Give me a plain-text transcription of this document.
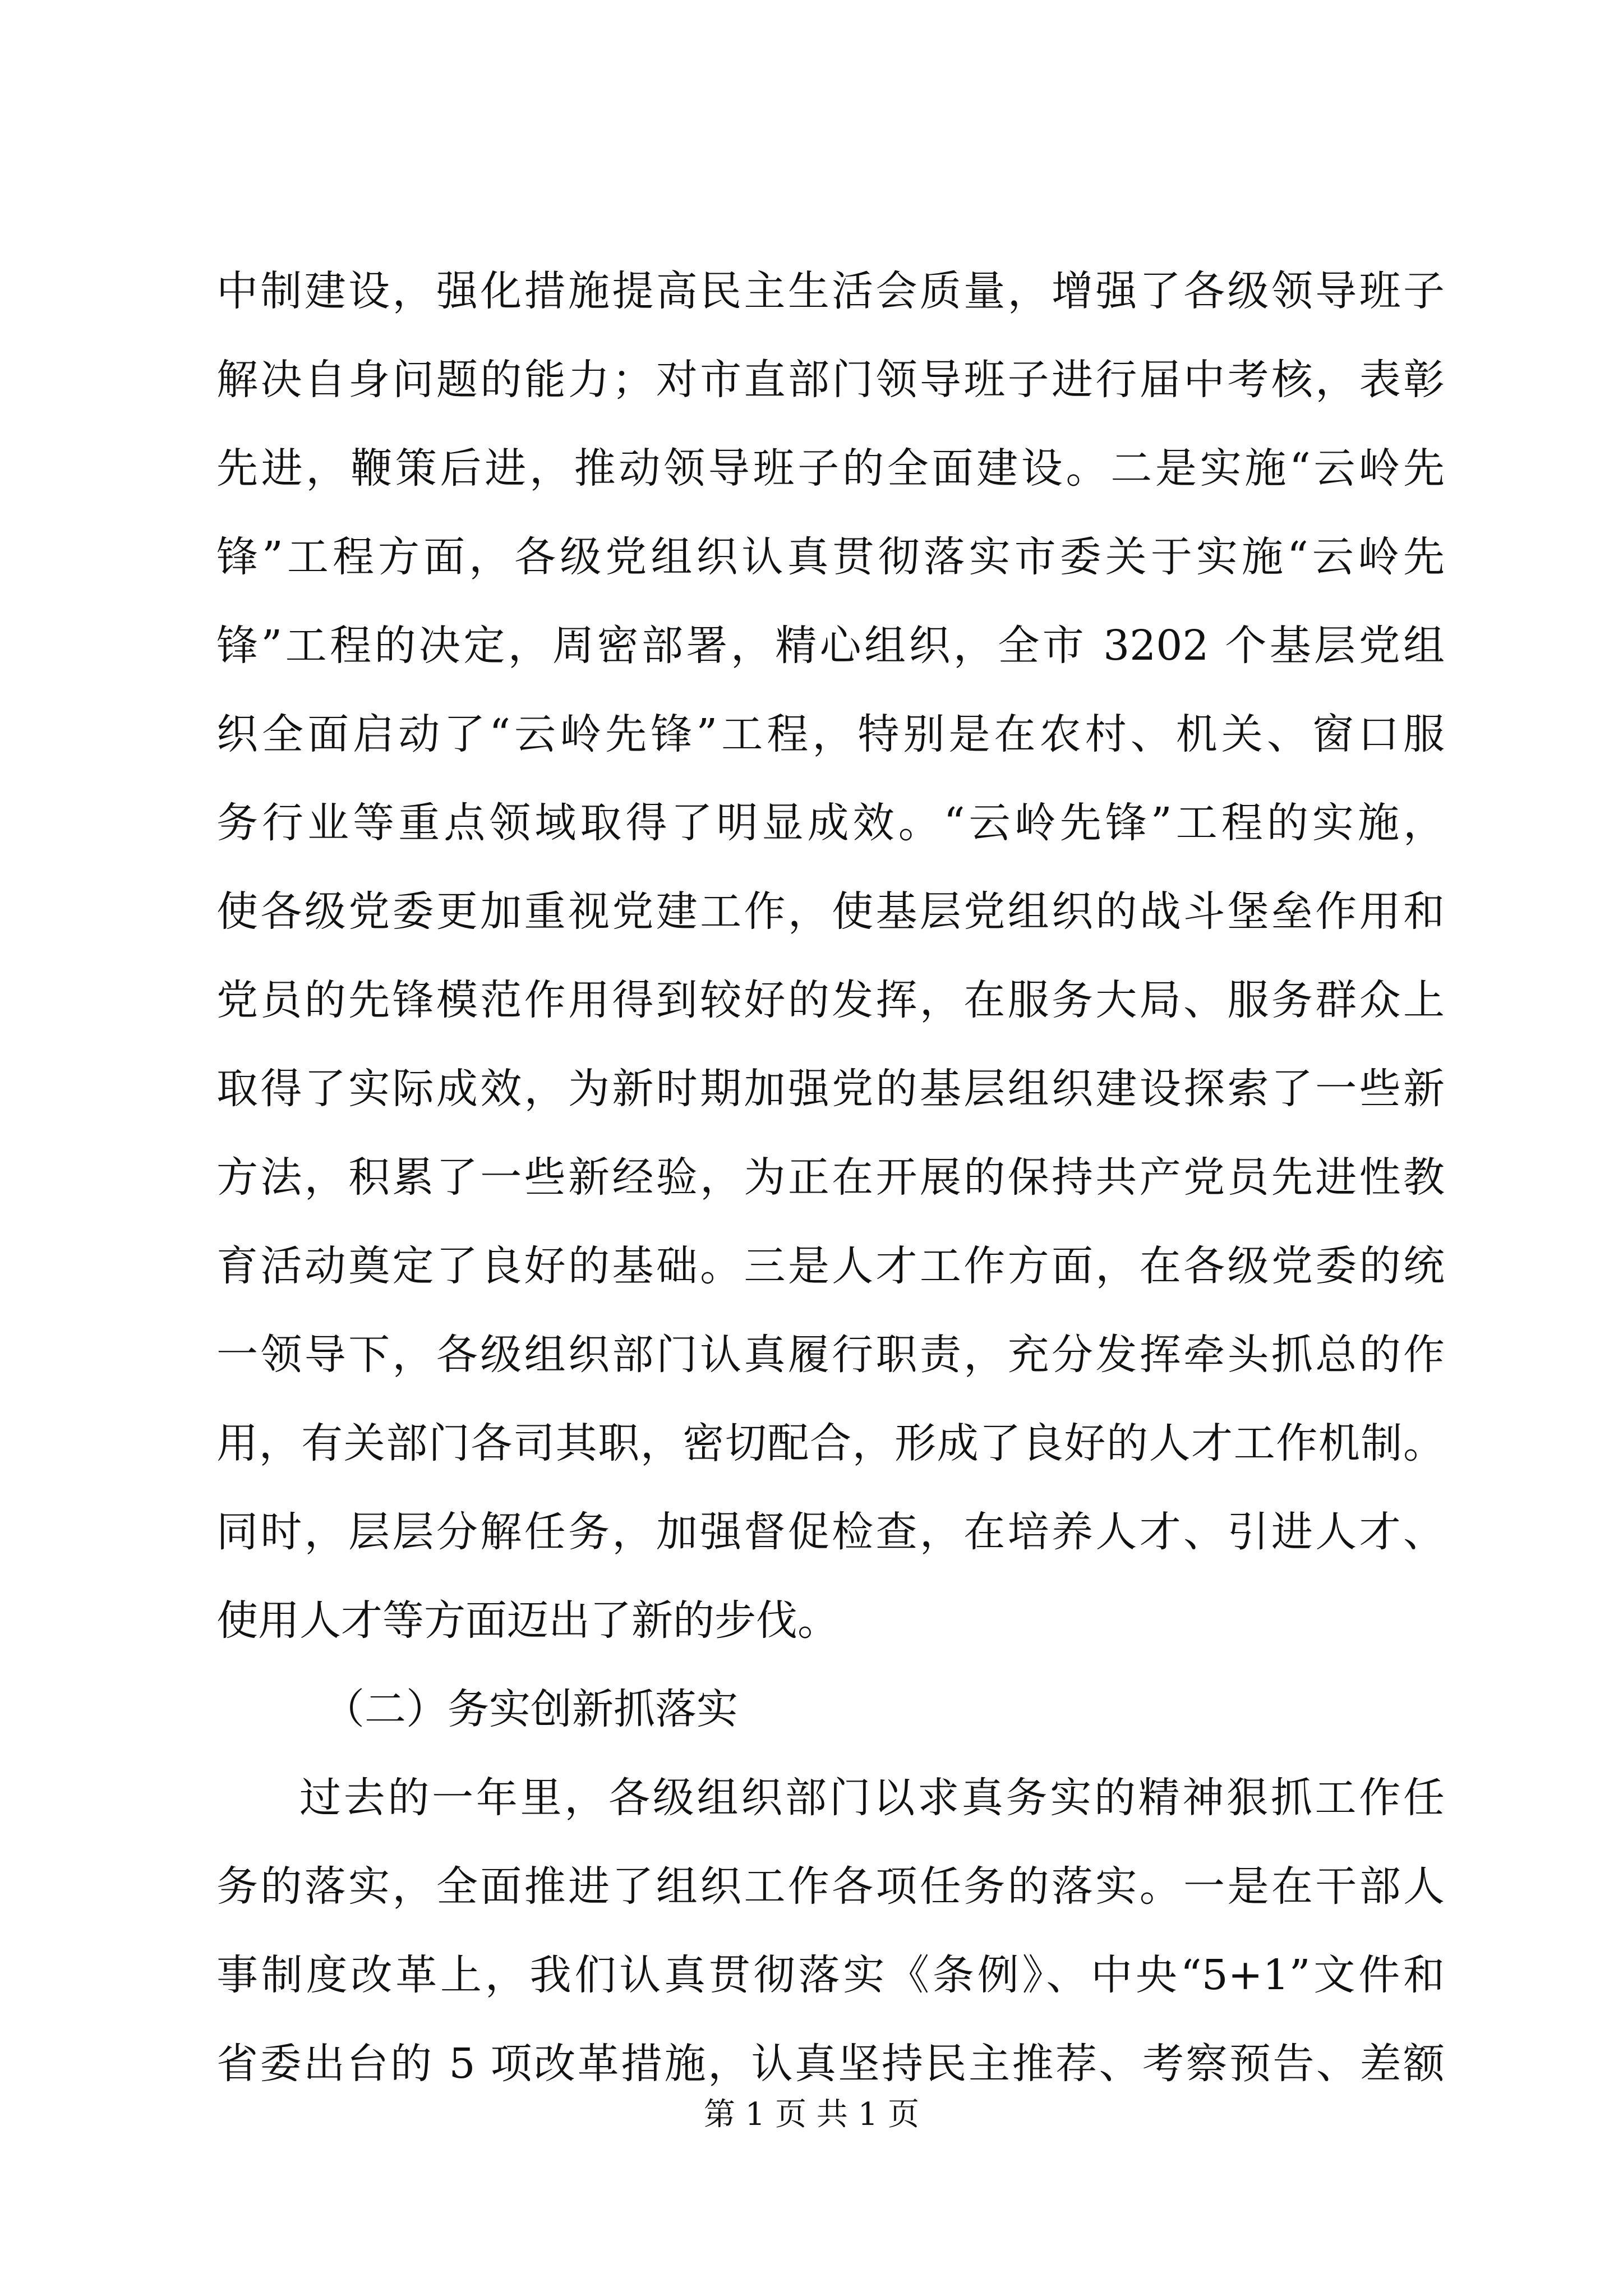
中制建设，强化措施提高民主生活会质量，增强了各级领导班子
解决自身问题的能力；对市直部门领导班子进行届中考核，表彰
先进，鞭策后进，推动领导班子的全面建设。二是实施“云岭先
锋”工程方面，各级党组织认真贯彻落实市委关于实施“云岭先
锋”工程的决定，周密部署，精心组织，全市 3202 个基层党组
织全面启动了“云岭先锋”工程，特别是在农村、机关、窗口服
务行业等重点领域取得了明显成效。“云岭先锋”工程的实施，
使各级党委更加重视党建工作，使基层党组织的战斗堡垒作用和
党员的先锋模范作用得到较好的发挥，在服务大局、服务群众上
取得了实际成效，为新时期加强党的基层组织建设探索了一些新
方法，积累了一些新经验，为正在开展的保持共产党员先进性教
育活动奠定了良好的基础。三是人才工作方面，在各级党委的统
一领导下，各级组织部门认真履行职责，充分发挥牵头抓总的作
用，有关部门各司其职，密切配合，形成了良好的人才工作机制。
同时，层层分解任务，加强督促检查，在培养人才、引进人才、
使用人才等方面迈出了新的步伐。
（二）务实创新抓落实
过去的一年里，各级组织部门以求真务实的精神狠抓工作任
务的落实，全面推进了组织工作各项任务的落实。一是在干部人
事制度改革上，我们认真贯彻落实《条例》、中央“5+1”文件和
省委出台的 5 项改革措施，认真坚持民主推荐、考察预告、差额
第 1 页 共 1 页
